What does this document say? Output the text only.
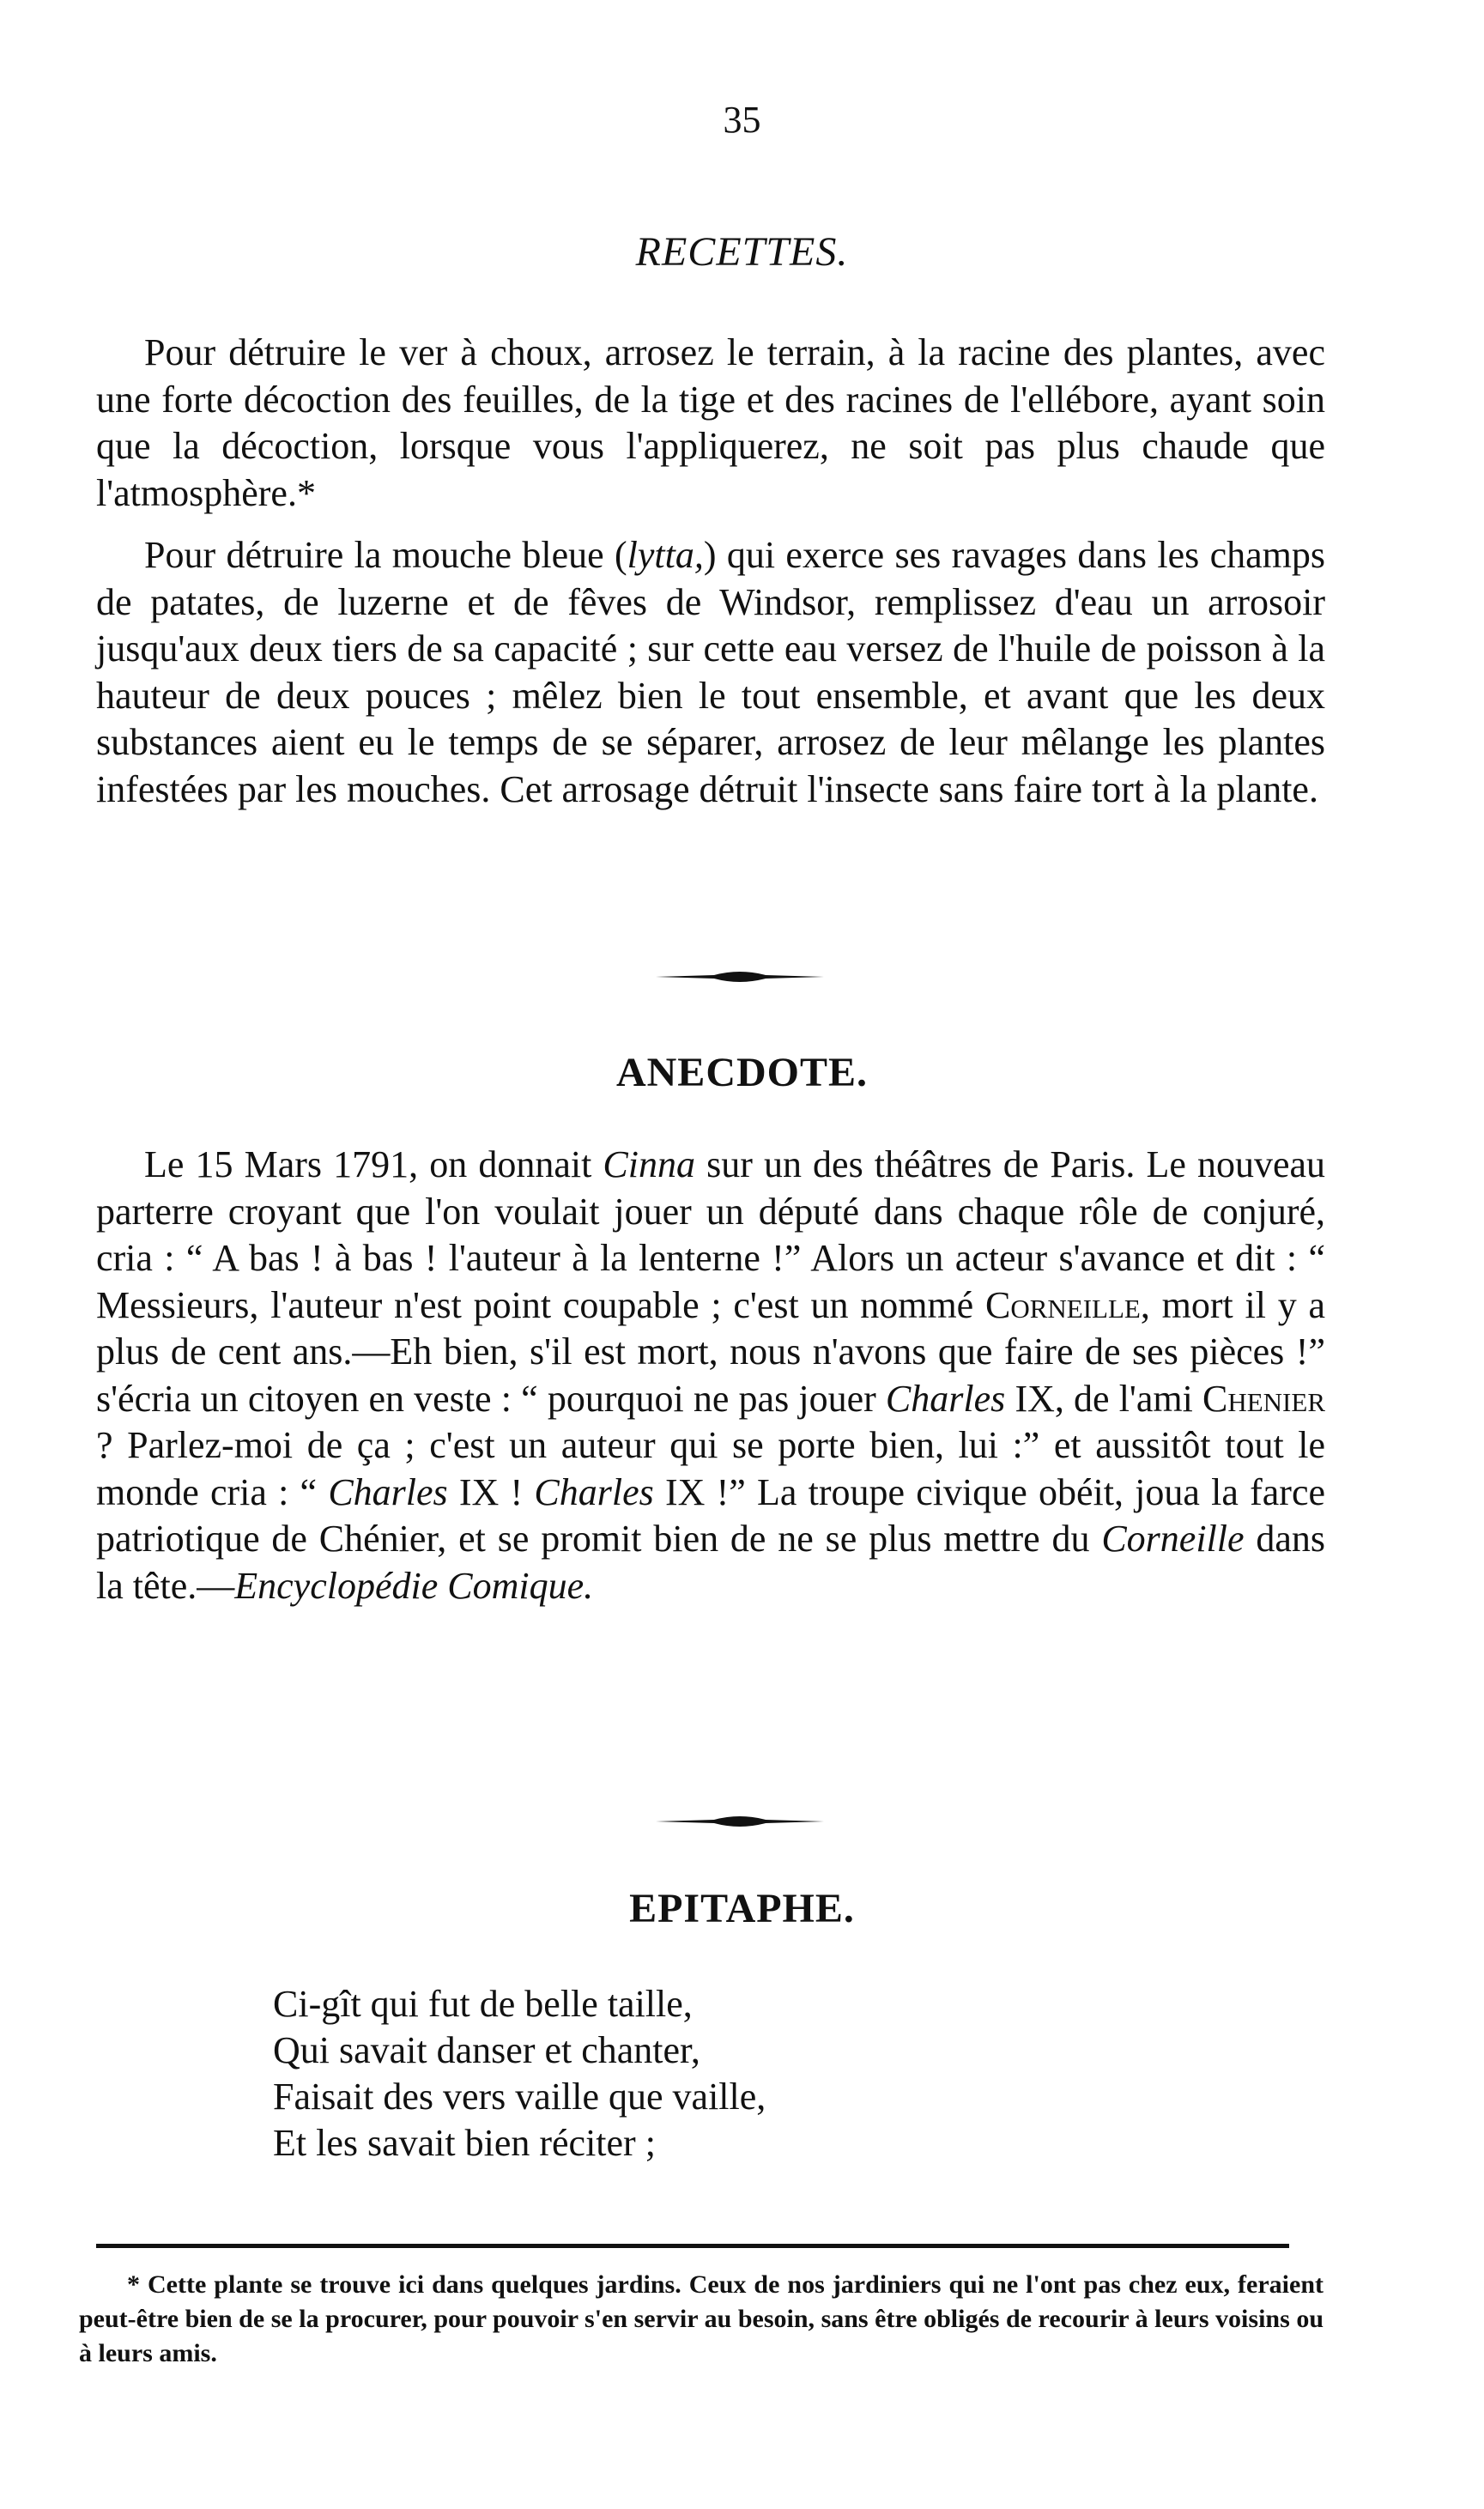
35
RECETTES.

Pour détruire le ver à choux, arrosez le terrain, à la racine des plantes, avec une forte décoction des feuilles, de la tige et des racines de l'ellébore, ayant soin que la décoction, lorsque vous l'appliquerez, ne soit pas plus chaude que l'atmosphère.*

Pour détruire la mouche bleue (lytta,) qui exerce ses ravages dans les champs de patates, de luzerne et de fêves de Windsor, remplissez d'eau un arrosoir jusqu'aux deux tiers de sa capacité ; sur cette eau versez de l'huile de poisson à la hauteur de deux pouces ; mêlez bien le tout ensemble, et avant que les deux substances aient eu le temps de se séparer, arrosez de leur mêlange les plantes infestées par les mouches. Cet arrosage détruit l'insecte sans faire tort à la plante.

ANECDOTE.

Le 15 Mars 1791, on donnait Cinna sur un des théâtres de Paris. Le nouveau parterre croyant que l'on voulait jouer un député dans chaque rôle de conjuré, cria : “ A bas ! à bas ! l'auteur à la lenterne !” Alors un acteur s'avance et dit : “ Messieurs, l'auteur n'est point coupable ; c'est un nommé Corneille, mort il y a plus de cent ans.—Eh bien, s'il est mort, nous n'avons que faire de ses pièces !” s'écria un citoyen en veste : “ pourquoi ne pas jouer Charles IX, de l'ami Chenier ? Parlez-moi de ça ; c'est un auteur qui se porte bien, lui :” et aussitôt tout le monde cria : “ Charles IX ! Charles IX !” La troupe civique obéit, joua la farce patriotique de Chénier, et se promit bien de ne se plus mettre du Corneille dans la tête.—Encyclopédie Comique.

EPITAPHE.
Ci-gît qui fut de belle taille,
Qui savait danser et chanter,
Faisait des vers vaille que vaille,
Et les savait bien réciter ;

* Cette plante se trouve ici dans quelques jardins. Ceux de nos jardiniers qui ne l'ont pas chez eux, feraient peut-être bien de se la procurer, pour pouvoir s'en servir au besoin, sans être obligés de recourir à leurs voisins ou à leurs amis.
